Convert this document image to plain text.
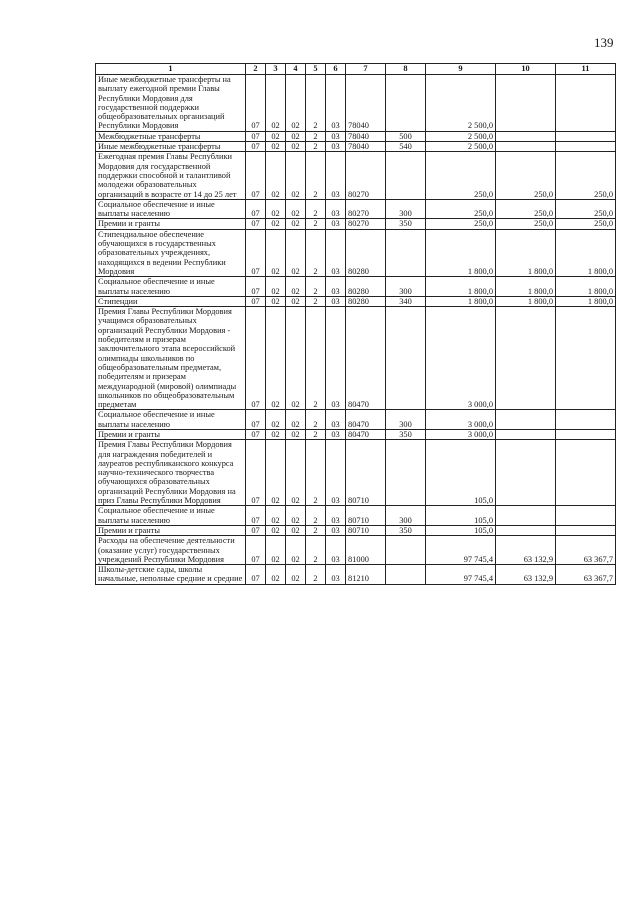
139
1	2	3	4	5	6	7	8	9	10	11
Иные межбюджетные трансферты на выплату ежегодной премии Главы Республики Мордовия для государственной поддержки общеобразовательных организаций Республики Мордовия	07	02	02	2	03	78040		2 500,0		
Межбюджетные трансферты	07	02	02	2	03	78040	500	2 500,0		
Иные межбюджетные трансферты	07	02	02	2	03	78040	540	2 500,0		
Ежегодная премия Главы Республики Мордовия для государственной поддержки способной и талантливой молодежи образовательных организаций в возрасте от 14 до 25 лет	07	02	02	2	03	80270		250,0	250,0	250,0
Социальное обеспечение и иные выплаты населению	07	02	02	2	03	80270	300	250,0	250,0	250,0
Премии и гранты	07	02	02	2	03	80270	350	250,0	250,0	250,0
Стипендиальное обеспечение обучающихся в государственных образовательных учреждениях, находящихся в ведении Республики Мордовия	07	02	02	2	03	80280		1 800,0	1 800,0	1 800,0
Социальное обеспечение и иные выплаты населению	07	02	02	2	03	80280	300	1 800,0	1 800,0	1 800,0
Стипендии	07	02	02	2	03	80280	340	1 800,0	1 800,0	1 800,0
Премия Главы Республики Мордовия учащимся образовательных организаций Республики Мордовия - победителям и призерам заключительного этапа всероссийской олимпиады школьников по общеобразовательным предметам, победителям и призерам международной (мировой) олимпиады школьников по общеобразовательным предметам	07	02	02	2	03	80470		3 000,0		
Социальное обеспечение и иные выплаты населению	07	02	02	2	03	80470	300	3 000,0		
Премии и гранты	07	02	02	2	03	80470	350	3 000,0		
Премия Главы Республики Мордовия для награждения победителей и лауреатов республиканского конкурса научно-технического творчества обучающихся образовательных организаций Республики Мордовия на приз Главы Республики Мордовия	07	02	02	2	03	80710		105,0		
Социальное обеспечение и иные выплаты населению	07	02	02	2	03	80710	300	105,0		
Премии и гранты	07	02	02	2	03	80710	350	105,0		
Расходы на обеспечение деятельности (оказание услуг) государственных учреждений Республики Мордовия	07	02	02	2	03	81000		97 745,4	63 132,9	63 367,7
Школы-детские сады, школы начальные, неполные средние и средние	07	02	02	2	03	81210		97 745,4	63 132,9	63 367,7
